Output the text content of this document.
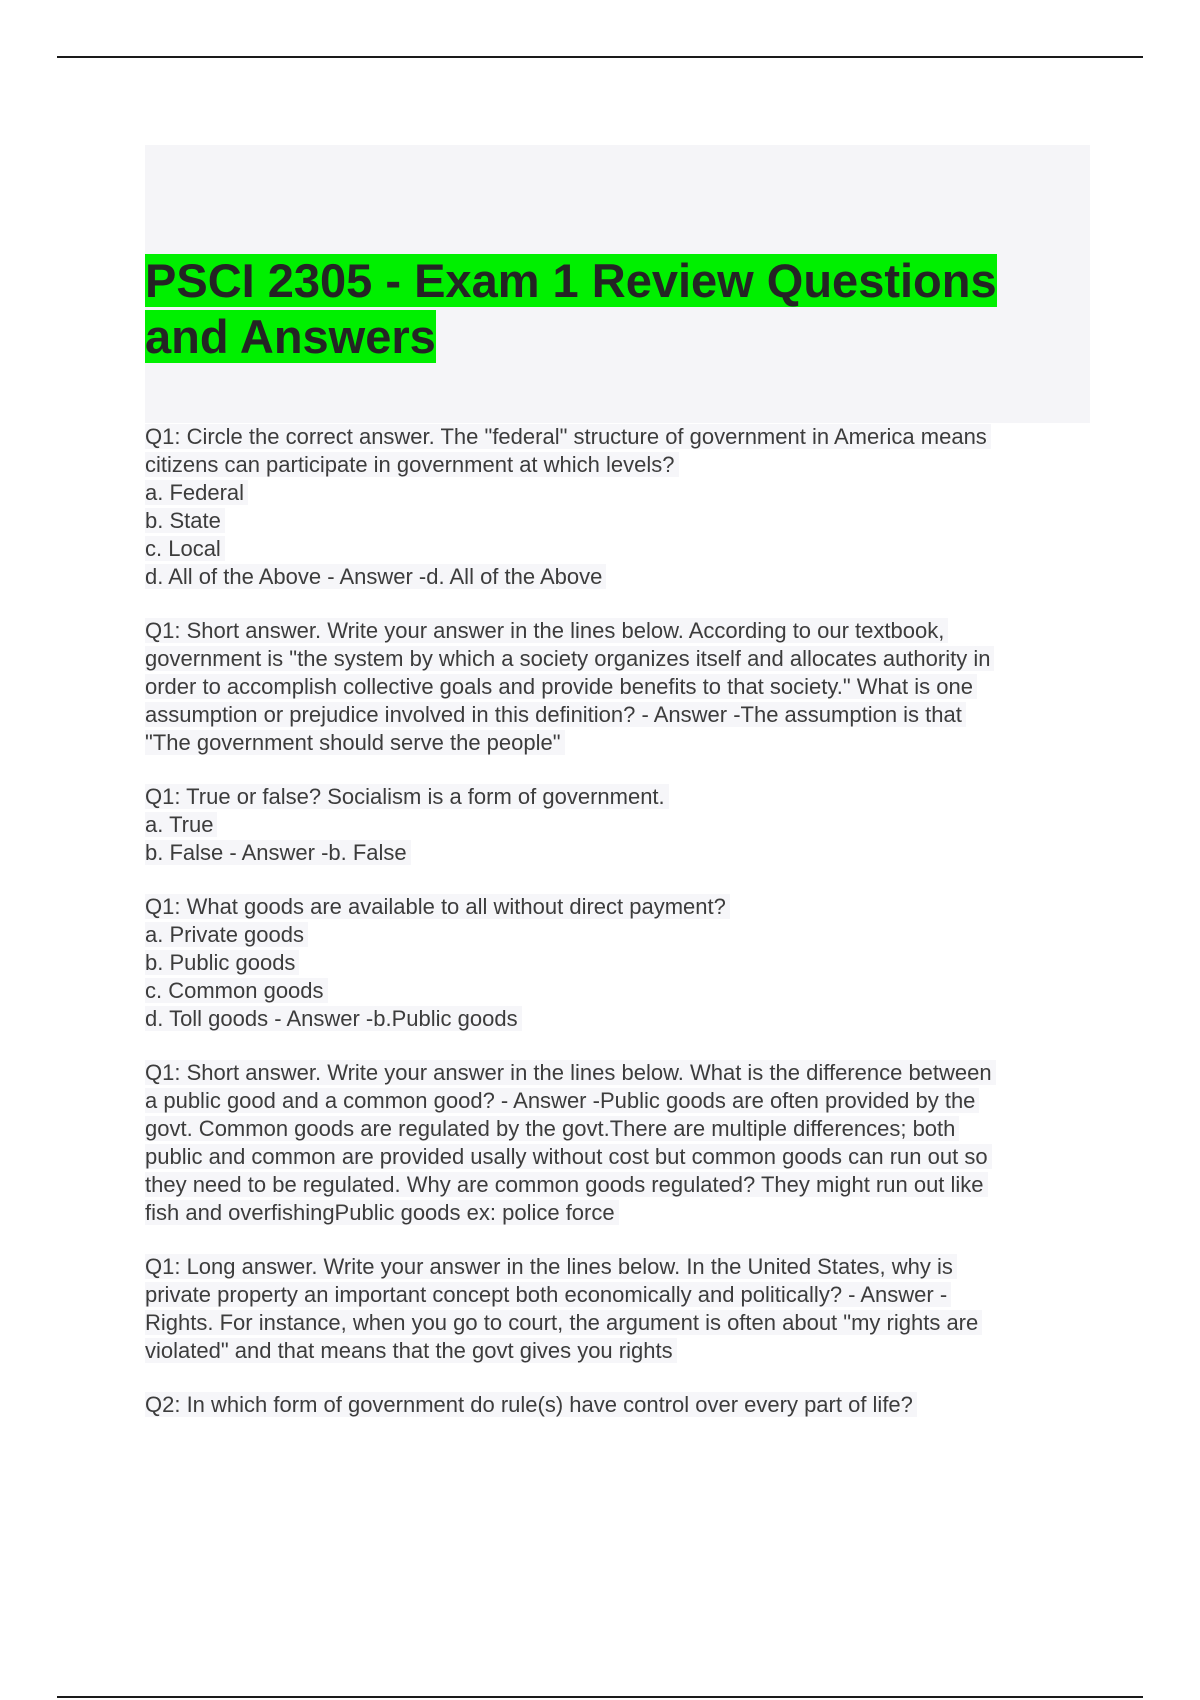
PSCI 2305 - Exam 1 Review Questions
and Answers
Q1: Circle the correct answer. The "federal" structure of government in America means
citizens can participate in government at which levels?
a. Federal
b. State
c. Local
d. All of the Above - Answer -d. All of the Above
Q1: Short answer. Write your answer in the lines below. According to our textbook,
government is "the system by which a society organizes itself and allocates authority in
order to accomplish collective goals and provide benefits to that society." What is one
assumption or prejudice involved in this definition? - Answer -The assumption is that
"The government should serve the people"
Q1: True or false? Socialism is a form of government.
a. True
b. False - Answer -b. False
Q1: What goods are available to all without direct payment?
a. Private goods
b. Public goods
c. Common goods
d. Toll goods - Answer -b.Public goods
Q1: Short answer. Write your answer in the lines below. What is the difference between
a public good and a common good? - Answer -Public goods are often provided by the
govt. Common goods are regulated by the govt.There are multiple differences; both
public and common are provided usally without cost but common goods can run out so
they need to be regulated. Why are common goods regulated? They might run out like
fish and overfishingPublic goods ex: police force
Q1: Long answer. Write your answer in the lines below. In the United States, why is
private property an important concept both economically and politically? - Answer -
Rights. For instance, when you go to court, the argument is often about "my rights are
violated" and that means that the govt gives you rights
Q2: In which form of government do rule(s) have control over every part of life?
